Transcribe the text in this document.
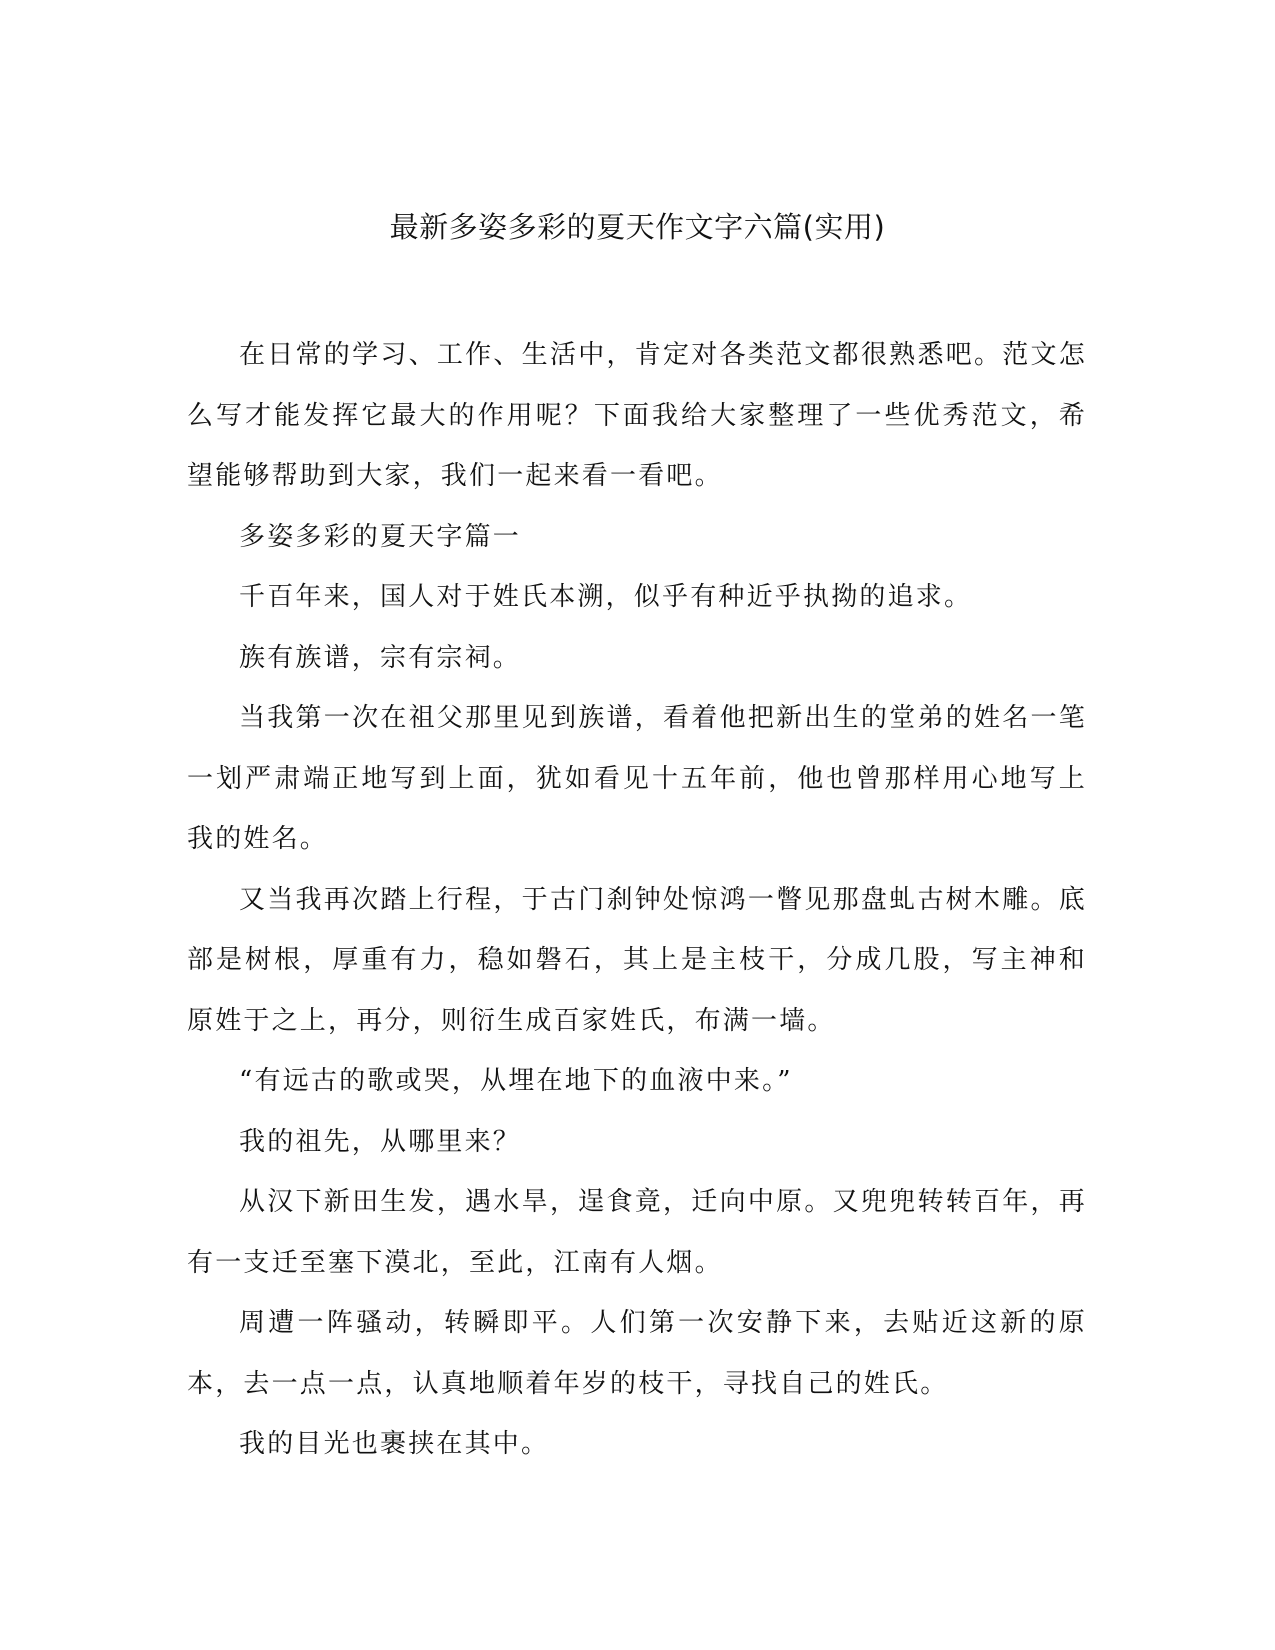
最新多姿多彩的夏天作文字六篇(实用)

在日常的学习、工作、生活中，肯定对各类范文都很熟悉吧。范文怎么写才能发挥它最大的作用呢？下面我给大家整理了一些优秀范文，希望能够帮助到大家，我们一起来看一看吧。

多姿多彩的夏天字篇一

千百年来，国人对于姓氏本溯，似乎有种近乎执拗的追求。

族有族谱，宗有宗祠。

当我第一次在祖父那里见到族谱，看着他把新出生的堂弟的姓名一笔一划严肃端正地写到上面，犹如看见十五年前，他也曾那样用心地写上我的姓名。

又当我再次踏上行程，于古门刹钟处惊鸿一瞥见那盘虬古树木雕。底部是树根，厚重有力，稳如磐石，其上是主枝干，分成几股，写主神和原姓于之上，再分，则衍生成百家姓氏，布满一墙。

“有远古的歌或哭，从埋在地下的血液中来。”

我的祖先，从哪里来？

从汉下新田生发，遇水旱，逞食竟，迁向中原。又兜兜转转百年，再有一支迁至塞下漠北，至此，江南有人烟。

周遭一阵骚动，转瞬即平。人们第一次安静下来，去贴近这新的原本，去一点一点，认真地顺着年岁的枝干，寻找自己的姓氏。

我的目光也裹挟在其中。
